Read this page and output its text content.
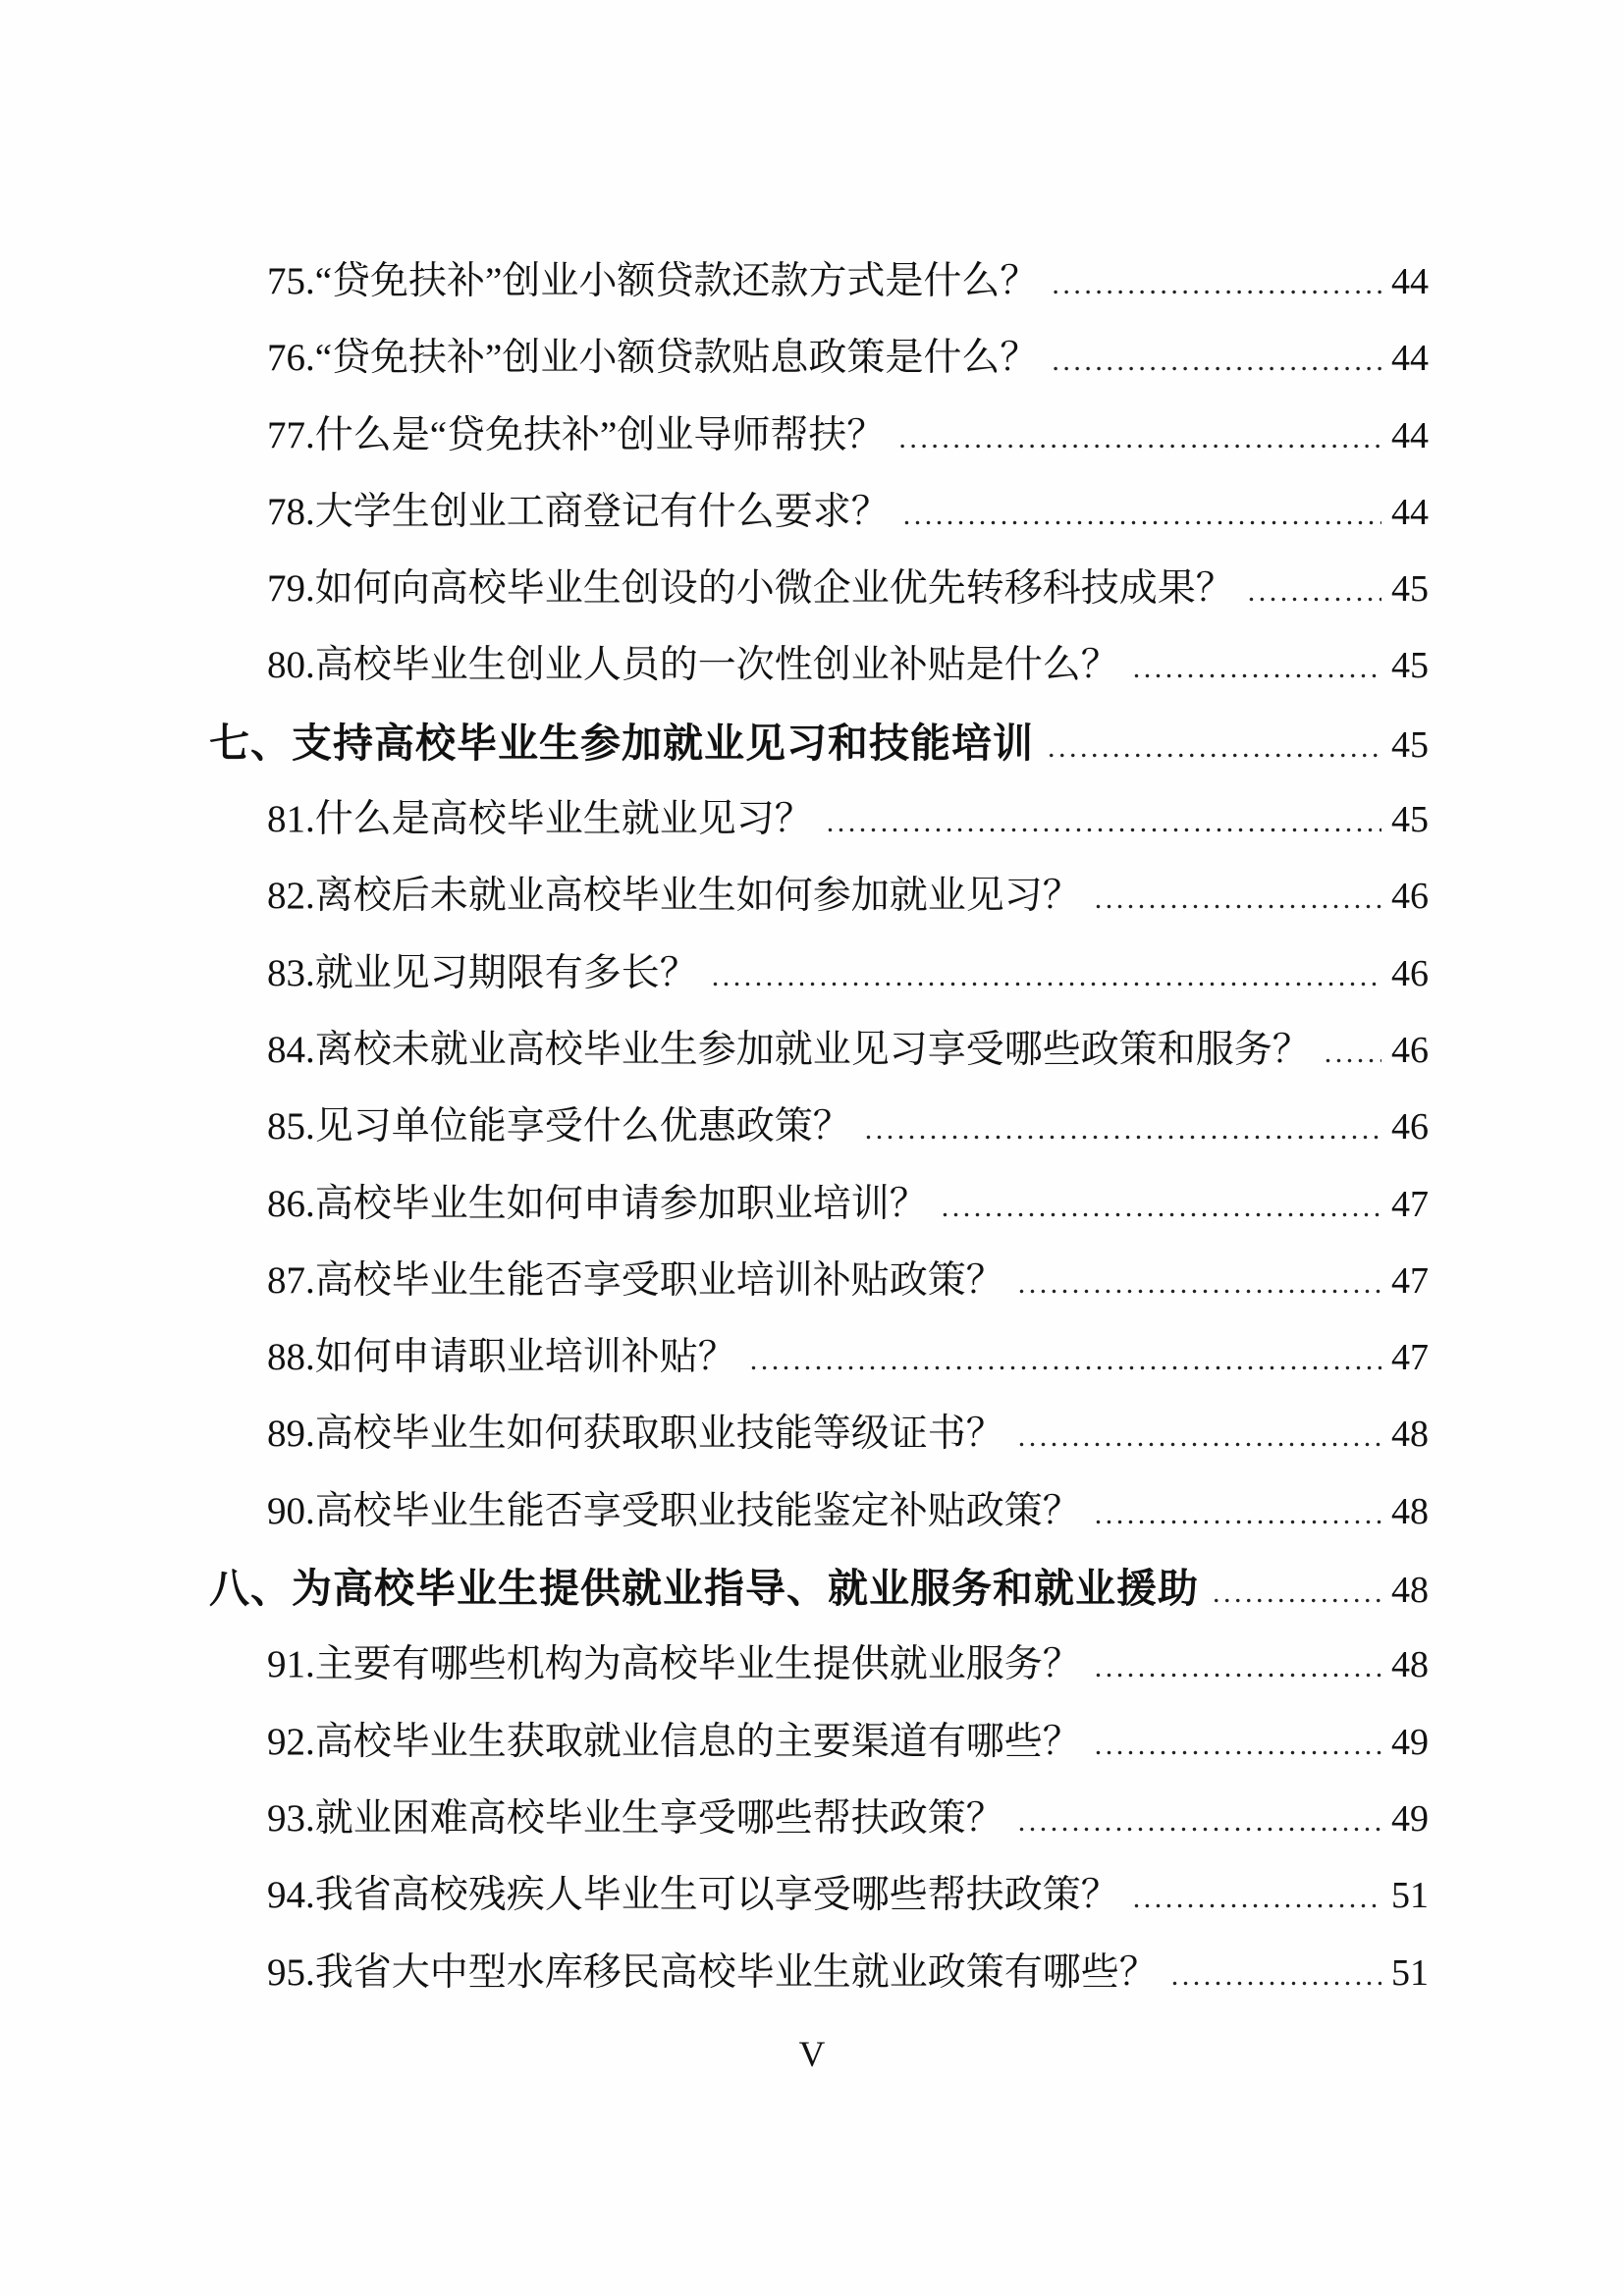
75.“贷免扶补”创业小额贷款还款方式是什么？ .....	44
76.“贷免扶补”创业小额贷款贴息政策是什么？ .....	44
77.什么是“贷免扶补”创业导师帮扶？ .....	44
78.大学生创业工商登记有什么要求？ .....	44
79.如何向高校毕业生创设的小微企业优先转移科技成果？ .....	45
80.高校毕业生创业人员的一次性创业补贴是什么？ .....	45
七、支持高校毕业生参加就业见习和技能培训 .....	45
81.什么是高校毕业生就业见习？ .....	45
82.离校后未就业高校毕业生如何参加就业见习？ .....	46
83.就业见习期限有多长？ .....	46
84.离校未就业高校毕业生参加就业见习享受哪些政策和服务？ ..... 46
85.见习单位能享受什么优惠政策？ .....	46
86.高校毕业生如何申请参加职业培训？ .....	47
87.高校毕业生能否享受职业培训补贴政策？ .....	47
88.如何申请职业培训补贴？ .....	47
89.高校毕业生如何获取职业技能等级证书？ .....	48
90.高校毕业生能否享受职业技能鉴定补贴政策？ .....	48
八、为高校毕业生提供就业指导、就业服务和就业援助 .....	48
91.主要有哪些机构为高校毕业生提供就业服务？ .....	48
92.高校毕业生获取就业信息的主要渠道有哪些？ .....	49
93.就业困难高校毕业生享受哪些帮扶政策？ .....	49
94.我省高校残疾人毕业生可以享受哪些帮扶政策？ .....	51
95.我省大中型水库移民高校毕业生就业政策有哪些？ .....	51
V
